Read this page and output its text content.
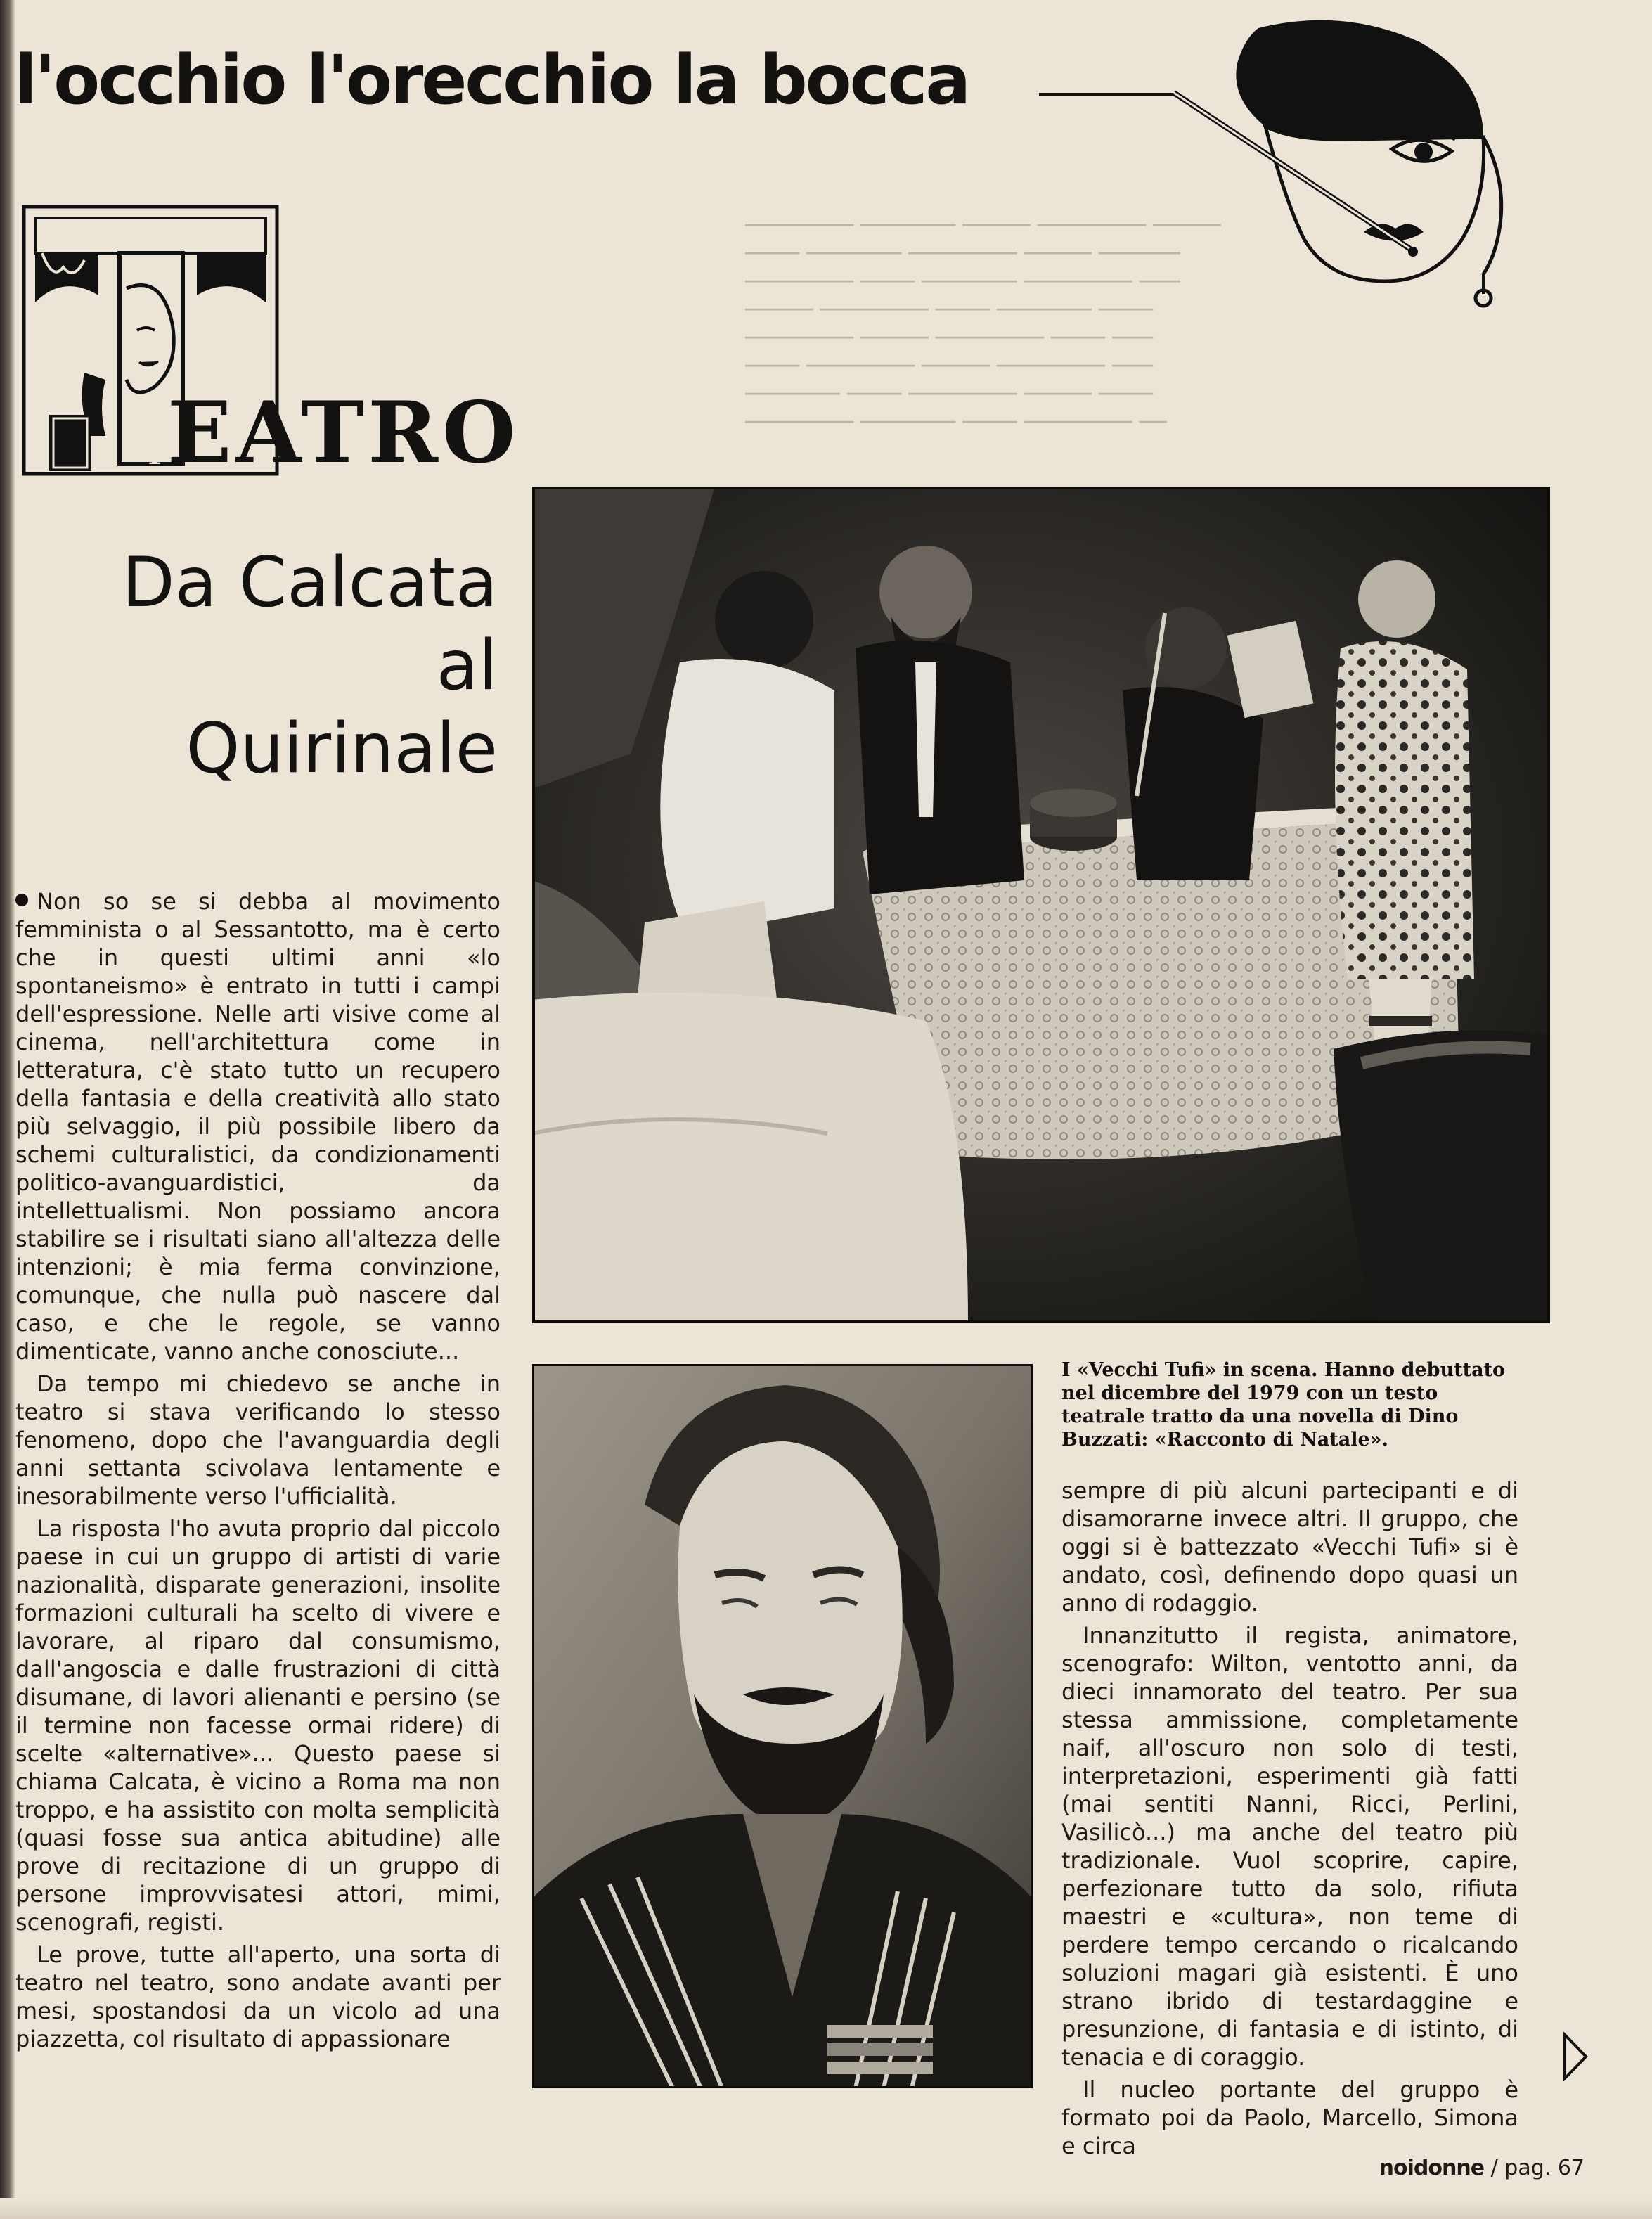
──────── ─────── ───── ──────── ─────
──── ─────── ──────── ───── ──────
──────── ──── ─────── ──────── ───
───── ──────── ──── ─────── ────
──────── ───── ──────── ──── ───
──── ──────── ───── ──────── ───
─────── ──── ──────── ───── ────
──────── ─────── ──── ──────── ──
l'occhio l'orecchio la bocca
T EATRO
Da Calcata
al
Quirinale

Non so se si debba al movimento femminista o al Sessantotto, ma è certo che in questi ultimi anni «lo spontaneismo» è entrato in tutti i campi dell'espressione. Nelle arti visive come al cinema, nell'architettura come in letteratura, c'è stato tutto un recupero della fantasia e della creatività allo stato più selvaggio, il più possibile libero da schemi culturalistici, da condizionamenti politico-avanguardistici, da intellettualismi. Non possiamo ancora stabilire se i risultati siano all'altezza delle intenzioni; è mia ferma convinzione, comunque, che nulla può nascere dal caso, e che le regole, se vanno dimenticate, vanno anche conosciute...

Da tempo mi chiedevo se anche in teatro si stava verificando lo stesso fenomeno, dopo che l'avanguardia degli anni settanta scivolava lentamente e inesorabilmente verso l'ufficialità.

La risposta l'ho avuta proprio dal piccolo paese in cui un gruppo di artisti di varie nazionalità, disparate generazioni, insolite formazioni culturali ha scelto di vivere e lavorare, al riparo dal consumismo, dall'angoscia e dalle frustrazioni di città disumane, di lavori alienanti e persino (se il termine non facesse ormai ridere) di scelte «alternative»... Questo paese si chiama Calcata, è vicino a Roma ma non troppo, e ha assistito con molta semplicità (quasi fosse sua antica abitudine) alle prove di recitazione di un gruppo di persone improvvisatesi attori, mimi, scenografi, registi.

Le prove, tutte all'aperto, una sorta di teatro nel teatro, sono andate avanti per mesi, spostandosi da un vicolo ad una piazzetta, col risultato di appassionare

I «Vecchi Tufi» in scena. Hanno debuttato nel dicembre del 1979 con un testo teatrale tratto da una novella di Dino Buzzati: «Racconto di Natale».

sempre di più alcuni partecipanti e di disamorarne invece altri. Il gruppo, che oggi si è battezzato «Vecchi Tufi» si è andato, così, definendo dopo quasi un anno di rodaggio.

Innanzitutto il regista, animatore, scenografo: Wilton, ventotto anni, da dieci innamorato del teatro. Per sua stessa ammissione, completamente naif, all'oscuro non solo di testi, interpretazioni, esperimenti già fatti (mai sentiti Nanni, Ricci, Perlini, Vasilicò...) ma anche del teatro più tradizionale. Vuol scoprire, capire, perfezionare tutto da solo, rifiuta maestri e «cultura», non teme di perdere tempo cercando o ricalcando soluzioni magari già esistenti. È uno strano ibrido di testardaggine e presunzione, di fantasia e di istinto, di tenacia e di coraggio.

Il nucleo portante del gruppo è formato poi da Paolo, Marcello, Simona e circa

noidonne / pag. 67
